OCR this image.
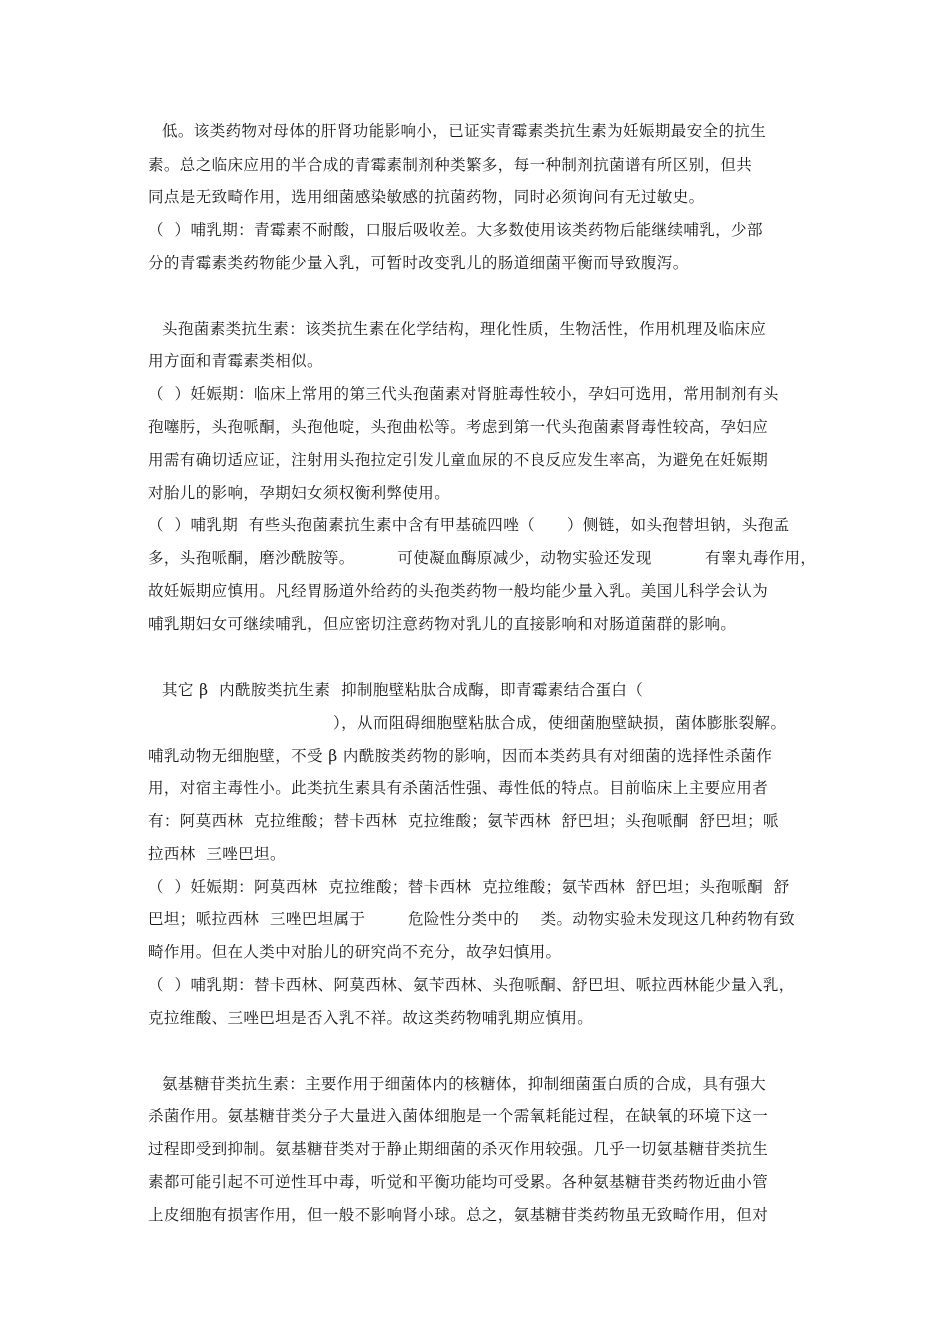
低。该类药物对母体的肝肾功能影响小，已证实青霉素类抗生素为妊娠期最安全的抗生
素。总之临床应用的半合成的青霉素制剂种类繁多，每一种制剂抗菌谱有所区别，但共
同点是无致畸作用，选用细菌感染敏感的抗菌药物，同时必须询问有无过敏史。
（  ）哺乳期：青霉素不耐酸，口服后吸收差。大多数使用该类药物后能继续哺乳，少部
分的青霉素类药物能少量入乳，可暂时改变乳儿的肠道细菌平衡而导致腹泻。
头孢菌素类抗生素：该类抗生素在化学结构，理化性质，生物活性，作用机理及临床应
用方面和青霉素类相似。
（  ）妊娠期：临床上常用的第三代头孢菌素对肾脏毒性较小，孕妇可选用，常用制剂有头
孢噻肟，头孢哌酮，头孢他啶，头孢曲松等。考虑到第一代头孢菌素肾毒性较高，孕妇应
用需有确切适应证，注射用头孢拉定引发儿童血尿的不良反应发生率高，为避免在妊娠期
对胎儿的影响，孕期妇女须权衡利弊使用。
（  ）哺乳期  有些头孢菌素抗生素中含有甲基硫四唑（      ）侧链，如头孢替坦钠，头孢孟
多，头孢哌酮，磨沙酰胺等。        可使凝血酶原减少，动物实验还发现          有睾丸毒作用，
故妊娠期应慎用。凡经胃肠道外给药的头孢类药物一般均能少量入乳。美国儿科学会认为
哺乳期妇女可继续哺乳，但应密切注意药物对乳儿的直接影响和对肠道菌群的影响。
其它 β  内酰胺类抗生素  抑制胞壁粘肽合成酶，即青霉素结合蛋白（
），从而阻碍细胞壁粘肽合成，使细菌胞壁缺损，菌体膨胀裂解。
哺乳动物无细胞壁，不受 β 内酰胺类药物的影响，因而本类药具有对细菌的选择性杀菌作
用，对宿主毒性小。此类抗生素具有杀菌活性强、毒性低的特点。目前临床上主要应用者
有：阿莫西林  克拉维酸；替卡西林  克拉维酸；氨苄西林  舒巴坦；头孢哌酮  舒巴坦；哌
拉西林  三唑巴坦。
（  ）妊娠期：阿莫西林  克拉维酸；替卡西林  克拉维酸；氨苄西林  舒巴坦；头孢哌酮  舒
巴坦；哌拉西林  三唑巴坦属于        危险性分类中的    类。动物实验未发现这几种药物有致
畸作用。但在人类中对胎儿的研究尚不充分，故孕妇慎用。
（  ）哺乳期：替卡西林、阿莫西林、氨苄西林、头孢哌酮、舒巴坦、哌拉西林能少量入乳，
克拉维酸、三唑巴坦是否入乳不祥。故这类药物哺乳期应慎用。
氨基糖苷类抗生素：主要作用于细菌体内的核糖体，抑制细菌蛋白质的合成，具有强大
杀菌作用。氨基糖苷类分子大量进入菌体细胞是一个需氧耗能过程，在缺氧的环境下这一
过程即受到抑制。氨基糖苷类对于静止期细菌的杀灭作用较强。几乎一切氨基糖苷类抗生
素都可能引起不可逆性耳中毒，听觉和平衡功能均可受累。各种氨基糖苷类药物近曲小管
上皮细胞有损害作用，但一般不影响肾小球。总之，氨基糖苷类药物虽无致畸作用，但对
